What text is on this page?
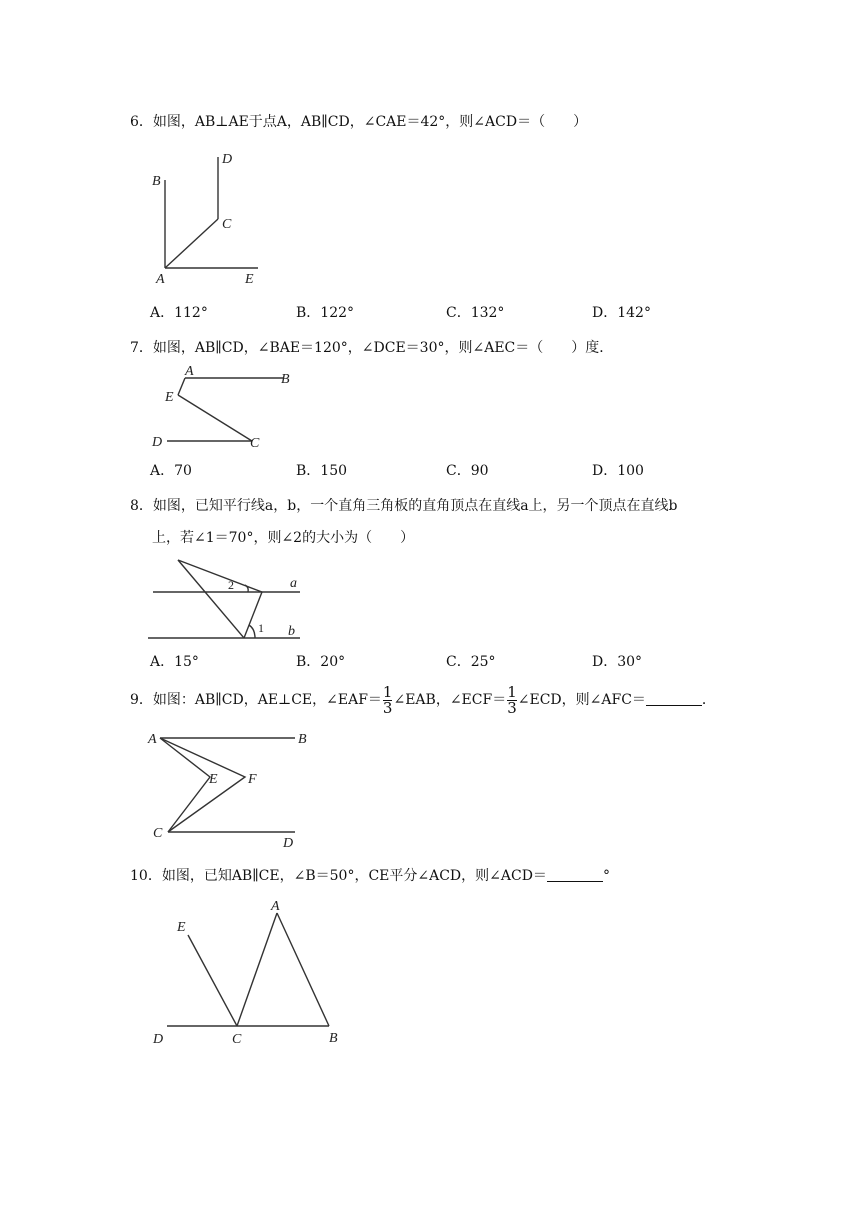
6．如图，AB⊥AE于点A，AB∥CD，∠CAE＝42°，则∠ACD＝（　　）
B
D
C
A	E
A．112°	B．122°	C．132°	D．142°
7．如图，AB∥CD，∠BAE＝120°，∠DCE＝30°，则∠AEC＝（　　）度．
A
B
E
D	C
A．70	B．150	C．90	D．100
8．如图，已知平行线a，b，一个直角三角板的直角顶点在直线a上，另一个顶点在直线b
上，若∠1＝70°，则∠2的大小为（　　）
2
1
a
b
A．15°	B．20°	C．25°	D．30°
9．如图：AB∥CD，AE⊥CE，∠EAF＝ $\frac{1}{3}$ ∠EAB，∠ECF＝ $\frac{1}{3}$ ∠ECD，则∠AFC＝	．
A	B
E F
C
D
10．如图，已知AB∥CE，∠B＝50°，CE平分∠ACD，则∠ACD＝	°
E
A
D	C	B
